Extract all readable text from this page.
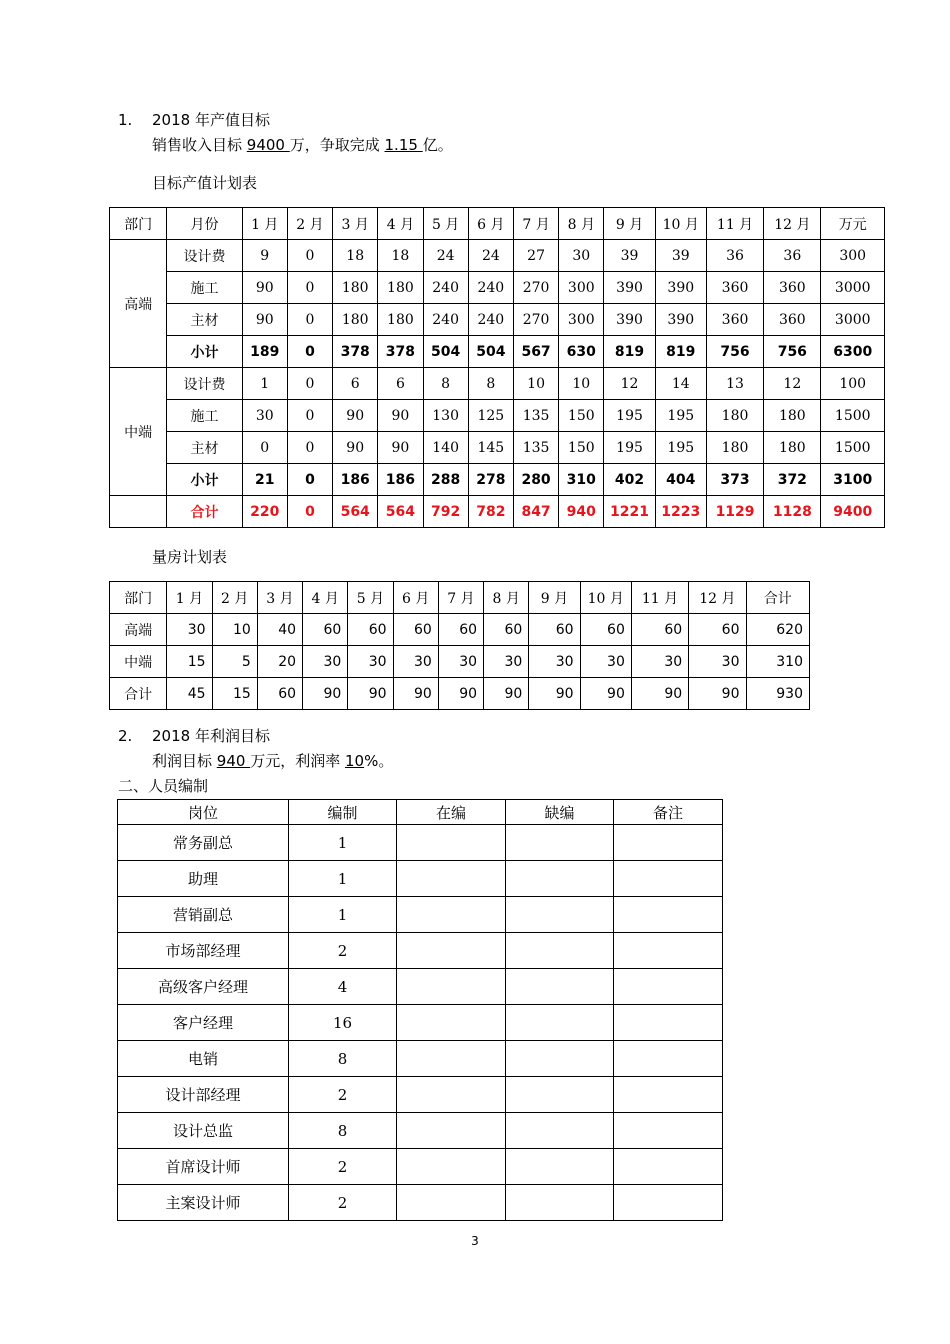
1. 2018 年产值目标
销售收入目标 9400 万，争取完成 1.15 亿。
目标产值计划表
部门	月份	1 月	2 月	3 月	4 月	5 月	6 月	7 月	8 月	9 月	10 月	11 月	12 月	万元
高端	设计费	9	0	18	18	24	24	27	30	39	39	36	36	300
	施工	90	0	180	180	240	240	270	300	390	390	360	360	3000
	主材	90	0	180	180	240	240	270	300	390	390	360	360	3000
	小计	189	0	378	378	504	504	567	630	819	819	756	756	6300
中端	设计费	1	0	6	6	8	8	10	10	12	14	13	12	100
	施工	30	0	90	90	130	125	135	150	195	195	180	180	1500
	主材	0	0	90	90	140	145	135	150	195	195	180	180	1500
	小计	21	0	186	186	288	278	280	310	402	404	373	372	3100
	合计	220	0	564	564	792	782	847	940	1221	1223	1129	1128	9400
量房计划表
部门	1 月	2 月	3 月	4 月	5 月	6 月	7 月	8 月	9 月	10 月	11 月	12 月	合计
高端	30	10	40	60	60	60	60	60	60	60	60	60	620
中端	15	5	20	30	30	30	30	30	30	30	30	30	310
合计	45	15	60	90	90	90	90	90	90	90	90	90	930
2. 2018 年利润目标
利润目标 940 万元，利润率 10%。
二、人员编制
岗位	编制	在编	缺编	备注
常务副总	1			
助理	1			
营销副总	1			
市场部经理	2			
高级客户经理	4			
客户经理	16			
电销	8			
设计部经理	2			
设计总监	8			
首席设计师	2			
主案设计师	2			
3
